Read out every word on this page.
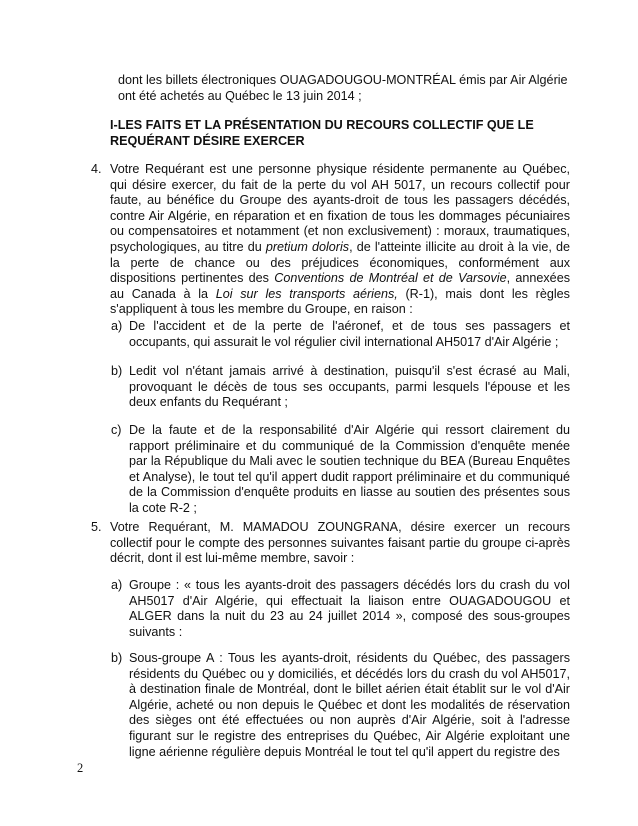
dont les billets électroniques OUAGADOUGOU-MONTRÉAL émis par Air Algérie
ont été achetés au Québec le 13 juin 2014 ;
I-LES FAITS ET LA PRÉSENTATION DU RECOURS COLLECTIF QUE LE
REQUÉRANT DÉSIRE EXERCER
4. Votre Requérant est une personne physique résidente permanente au Québec, qui désire exercer, du fait de la perte du vol AH 5017, un recours collectif pour faute, au bénéfice du Groupe des ayants-droit de tous les passagers décédés, contre Air Algérie, en réparation et en fixation de tous les dommages pécuniaires ou compensatoires et notamment (et non exclusivement) : moraux, traumatiques, psychologiques, au titre du pretium doloris, de l'atteinte illicite au droit à la vie, de la perte de chance ou des préjudices économiques, conformément aux dispositions pertinentes des Conventions de Montréal et de Varsovie, annexées au Canada à la Loi sur les transports aériens, (R-1), mais dont les règles s'appliquent à tous les membre du Groupe, en raison :

a) De l'accident et de la perte de l'aéronef, et de tous ses passagers et occupants, qui assurait le vol régulier civil international AH5017 d'Air Algérie ;

b) Ledit vol n'étant jamais arrivé à destination, puisqu'il s'est écrasé au Mali, provoquant le décès de tous ses occupants, parmi lesquels l'épouse et les deux enfants du Requérant ;

c) De la faute et de la responsabilité d'Air Algérie qui ressort clairement du rapport préliminaire et du communiqué de la Commission d'enquête menée par la République du Mali avec le soutien technique du BEA (Bureau Enquêtes et Analyse), le tout tel qu'il appert dudit rapport préliminaire et du communiqué de la Commission d'enquête produits en liasse au soutien des présentes sous la cote R-2 ;

5. Votre Requérant, M. MAMADOU ZOUNGRANA, désire exercer un recours collectif pour le compte des personnes suivantes faisant partie du groupe ci-après décrit, dont il est lui-même membre, savoir :

a) Groupe : « tous les ayants-droit des passagers décédés lors du crash du vol AH5017 d'Air Algérie, qui effectuait la liaison entre OUAGADOUGOU et ALGER dans la nuit du 23 au 24 juillet 2014 », composé des sous-groupes suivants :

b) Sous-groupe A : Tous les ayants-droit, résidents du Québec, des passagers résidents du Québec ou y domiciliés, et décédés lors du crash du vol AH5017, à destination finale de Montréal, dont le billet aérien était établit sur le vol d'Air Algérie, acheté ou non depuis le Québec et dont les modalités de réservation des sièges ont été effectuées ou non auprès d'Air Algérie, soit à l'adresse figurant sur le registre des entreprises du Québec, Air Algérie exploitant une ligne aérienne régulière depuis Montréal le tout tel qu'il appert du registre des

2
